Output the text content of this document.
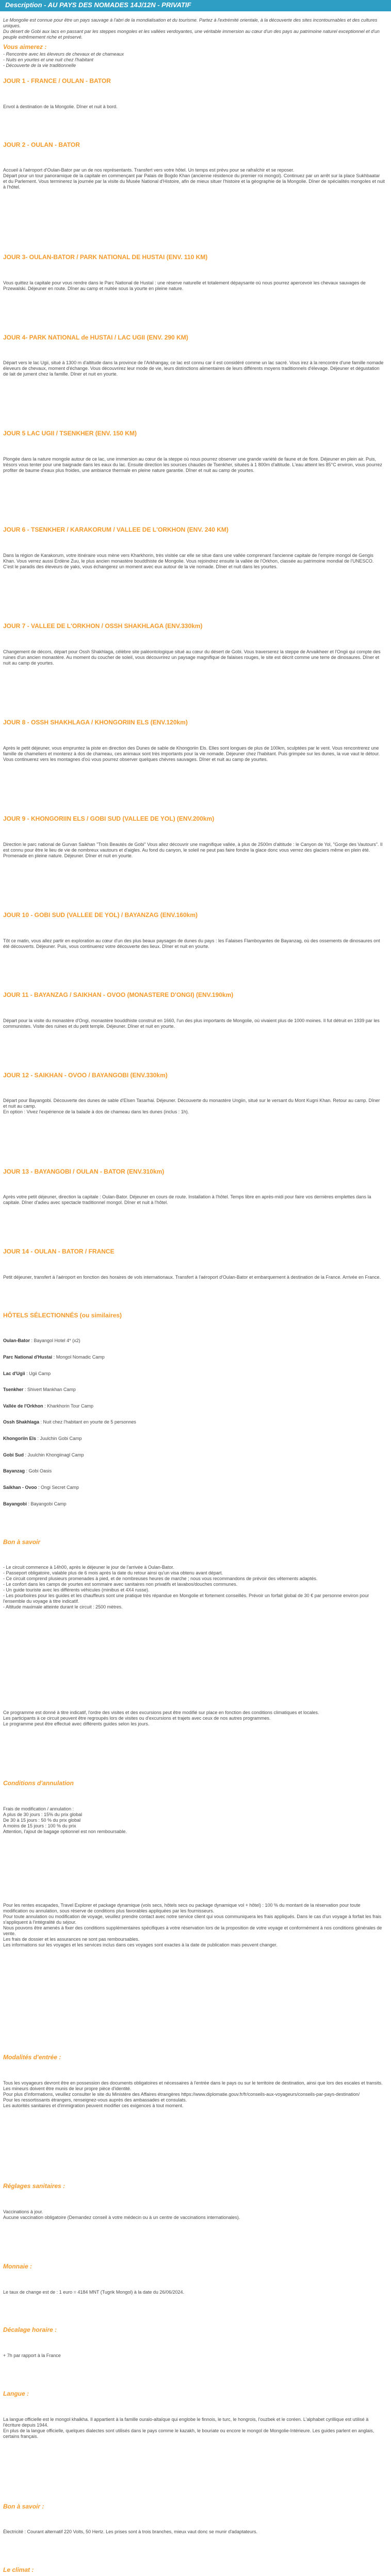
Description - AU PAYS DES NOMADES 14J/12N - PRIVATIF
Le Mongolie est connue pour être un pays sauvage à l'abri de la mondialisation et du tourisme. Partez à l'extrémité orientale, à la découverte des sites incontournables et des cultures uniques.
Du désert de Gobi aux lacs en passant par les steppes mongoles et les vallées verdoyantes, une véritable immersion au cœur d'un des pays au patrimoine naturel exceptionnel et d'un peuple extrêmement riche et préservé.
Vous aimerez :
- Rencontre avec les éleveurs de chevaux et de chameaux
- Nuits en yourtes et une nuit chez l'habitant
- Découverte de la vie traditionnelle
JOUR 1 - FRANCE / OULAN - BATOR
Envol à destination de la Mongolie. Dîner et nuit à bord.
JOUR 2 - OULAN - BATOR
Accueil à l'aéroport d'Oulan-Bator par un de nos représentants. Transfert vers votre hôtel. Un temps est prévu pour se rafraîchir et se reposer.
Départ pour un tour panoramique de la capitale en commençant par Palais de Bogdo Khan (ancienne résidence du premier roi mongol). Continuez par un arrêt sur la place Sukhbaatar et du Parlement. Vous terminerez la journée par la visite du Musée National d'Histoire, afin de mieux situer l'histoire et la géographie de la Mongolie. Dîner de spécialités mongoles et nuit à l'hôtel.
JOUR 3- OULAN-BATOR / PARK NATIONAL DE HUSTAI (ENV. 110 KM)
Vous quittez la capitale pour vous rendre dans le Parc National de Hustaï : une réserve naturelle et totalement dépaysante où nous pourrez apercevoir les chevaux sauvages de Przewalski. Déjeuner en route. Dîner au camp et nuitée sous la yourte en pleine nature.
JOUR 4- PARK NATIONAL de HUSTAI / LAC UGII (ENV. 290 KM)
Départ vers le lac Ugii, situé à 1300 m d'altitude dans la province de l'Arkhangay, ce lac est connu car il est considéré comme un lac sacré. Vous irez à la rencontre d'une famille nomade éleveurs de chevaux, moment d'échange. Vous découvrirez leur mode de vie, leurs distinctions alimentaires de leurs différents moyens traditionnels d'élevage. Déjeuner et dégustation de lait de jument chez la famille. Dîner et nuit en yourte.
JOUR 5 LAC UGII / TSENKHER (ENV. 150 KM)
Plongée dans la nature mongole autour de ce lac, une immersion au cœur de la steppe où nous pourrez observer une grande variété de faune et de flore. Déjeuner en plein air. Puis, trésors vous tenter pour une baignade dans les eaux du lac. Ensuite direction les sources chaudes de Tsenkher, situées à 1 800m d'altitude. L'eau atteint les 85°C environ, vous pourrez profiter de baume d'eaux plus froides, une ambiance thermale en pleine nature garantie. Dîner et nuit au camp de yourtes.
JOUR 6 - TSENKHER / KARAKORUM / VALLEE DE L'ORKHON (ENV. 240 KM)
Dans la région de Karakorum, votre itinéraire vous mène vers Kharkhorin, très visitée car elle se situe dans une vallée comprenant l'ancienne capitale de l'empire mongol de Gengis Khan. Vous verrez aussi Erdène Zuu, le plus ancien monastère bouddhiste de Mongolie. Vous rejoindrez ensuite la vallée de l'Orkhon, classée au patrimoine mondial de l'UNESCO. C'est le paradis des éleveurs de yaks, vous échangerez un moment avec eux autour de la vie nomade. Dîner et nuit dans les yourtes.
JOUR 7 - VALLEE DE L'ORKHON / OSSH SHAKHLAGA (ENV.330km)
Changement de décors, départ pour Ossh Shakhlaga, célèbre site paléontologique situé au cœur du désert de Gobi. Vous traverserez la steppe de Arvaikheer et l'Ongii qui compte des ruines d'un ancien monastère. Au moment du coucher de soleil, vous découvrirez un paysage magnifique de falaises rouges, le site est décrit comme une terre de dinosaures. Dîner et nuit au camp de yourtes.
JOUR 8 - OSSH SHAKHLAGA / KHONGORIIN ELS (ENV.120km)
Après le petit déjeuner, vous empruntez la piste en direction des Dunes de sable de Khongoriin Els. Elles sont longues de plus de 100km, sculptées par le vent. Vous rencontrerez une famille de chameliers et monterez à dos de chameau, ces animaux sont très importants pour la vie nomade. Déjeuner chez l'habitant. Puis grimpée sur les dunes, la vue vaut le détour. Vous continuerez vers les montagnes d'où vous pourrez observer quelques chèvres sauvages. Dîner et nuit au camp de yourtes.
JOUR 9 - KHONGORIIN ELS / GOBI SUD (VALLEE DE YOL) (ENV.200km)
Direction le parc national de Gurvan Saikhan "Trois Beautés de Gobi" Vous allez découvrir une magnifique vallée, à plus de 2500m d'altitude : le Canyon de Yol, "Gorge des Vautours". Il est connu pour être le lieu de vie de nombreux vautours et d'aigles. Au fond du canyon, le soleil ne peut pas faire fondre la glace donc vous verrez des glaciers même en plein été. Promenade en pleine nature. Déjeuner. Dîner et nuit en yourte.
JOUR 10 - GOBI SUD (VALLEE DE YOL) / BAYANZAG (ENV.160km)
Tôt ce matin, vous allez partir en exploration au cœur d'un des plus beaux paysages de dunes du pays : les Falaises Flamboyantes de Bayanzag, où des ossements de dinosaures ont été découverts. Déjeuner. Puis, vous continuerez votre découverte des lieux. Dîner et nuit en yourte.
JOUR 11 - BAYANZAG / SAIKHAN - OVOO (MONASTERE D'ONGI) (ENV.190km)
Départ pour la visite du monastère d'Ongi, monastère bouddhiste construit en 1660, l'un des plus importants de Mongolie, où vivaient plus de 1000 moines. Il fut détruit en 1939 par les communistes. Visite des ruines et du petit temple. Déjeuner. Dîner et nuit en yourte.
JOUR 12 - SAIKHAN - OVOO / BAYANGOBI (ENV.330km)
Départ pour Bayangobi. Découverte des dunes de sable d'Elsen Tasarhai. Déjeuner. Découverte du monastère Ungiin, situé sur le versant du Mont Kugni Khan. Retour au camp. Dîner et nuit au camp.
En option : Vivez l'expérience de la balade à dos de chameau dans les dunes (inclus : 1h).
JOUR 13 - BAYANGOBI / OULAN - BATOR (ENV.310km)
Après votre petit déjeuner, direction la capitale : Oulan-Bator. Déjeuner en cours de route. Installation à l'hôtel. Temps libre en après-midi pour faire vos dernières emplettes dans la capitale. Dîner d'adieu avec spectacle traditionnel mongol. Dîner et nuit à l'hôtel.
JOUR 14 - OULAN - BATOR / FRANCE
Petit déjeuner, transfert à l'aéroport en fonction des horaires de vols internationaux. Transfert à l'aéroport d'Oulan-Bator et embarquement à destination de la France. Arrivée en France.
HÔTELS SÉLECTIONNÉS (ou similaires)
Oulan-Bator : Bayangol Hotel 4* (x2)
Parc National d'Hustai : Mongol Nomadic Camp
Lac d'Ugii : Ugii Camp
Tsenkher : Shivert Mankhan Camp
Vallée de l'Orkhon : Kharkhorin Tour Camp
Ossh Shakhlaga : Nuit chez l'habitant en yourte de 5 personnes
Khongoriin Els : Juulchin Gobi Camp
Gobi Sud : Juulchin Khongiinagl Camp
Bayanzag : Gobi Oasis
Saikhan - Ovoo : Ongi Secret Camp
Bayangobi : Bayangobi Camp
Bon à savoir
- Le circuit commence à 14h00, après le déjeuner le jour de l'arrivée à Oulan-Bator.
- Passeport obligatoire, valable plus de 6 mois après la date du retour ainsi qu'un visa obtenu avant départ.
- Ce circuit comprend plusieurs promenades à pied, et de nombreuses heures de marche ; nous vous recommandons de prévoir des vêtements adaptés.
- Le confort dans les camps de yourtes est sommaire avec sanitaires non privatifs et lavabos/douches communes.
- Un guide touriste avec les différents véhicules (minibus et 4X4 russe).
- Les pourboires pour les guides et les chauffeurs sont une pratique très répandue en Mongolie et fortement conseillés. Prévoir un forfait global de 30 € par personne environ pour l'ensemble du voyage à titre indicatif.
- Altitude maximale atteinte durant le circuit : 2500 mètres.
Ce programme est donné à titre indicatif, l'ordre des visites et des excursions peut être modifié sur place en fonction des conditions climatiques et locales.
Les participants à ce circuit peuvent être regroupés lors de visites ou d'excursions et trajets avec ceux de nos autres programmes.
Le programme peut être effectué avec différents guides selon les jours.
Conditions d'annulation
Frais de modification / annulation :
A plus de 30 jours : 15% du prix global
De 30 à 15 jours : 50 % du prix global
A moins de 15 jours : 100 % du prix
Attention, l'ajout de bagage optionnel est non remboursable.
Pour les rentes escapades, Travel Explorer et package dynamique (vols secs, hôtels secs ou package dynamique vol + hôtel) : 100 % du montant de la réservation pour toute modification ou annulation, sous réserve de conditions plus favorables appliquées par les fournisseurs.
Pour toute annulation ou modification de voyage, veuillez prendre contact avec notre service client qui vous communiquera les frais appliqués. Dans le cas d'un voyage à forfait les frais s'appliquent à l'intégralité du séjour.
Nous pouvons être amenés à fixer des conditions supplémentaires spécifiques à votre réservation lors de la proposition de votre voyage et conformément à nos conditions générales de vente.
Les frais de dossier et les assurances ne sont pas remboursables.
Les informations sur les voyages et les services inclus dans ces voyages sont exactes à la date de publication mais peuvent changer.
Modalités d'entrée :
Tous les voyageurs devront être en possession des documents obligatoires et nécessaires à l'entrée dans le pays ou sur le territoire de destination, ainsi que lors des escales et transits. Les mineurs doivent être munis de leur propre pièce d'identité.
Pour plus d'informations, veuillez consulter le site du Ministère des Affaires étrangères https://www.diplomatie.gouv.fr/fr/conseils-aux-voyageurs/conseils-par-pays-destination/
Pour les ressortissants étrangers, renseignez-vous auprès des ambassades et consulats.
Les autorités sanitaires et d'immigration peuvent modifier ces exigences à tout moment.
Réglages sanitaires :
Vaccinations à jour.
Aucune vaccination obligatoire (Demandez conseil à votre médecin ou à un centre de vaccinations internationales).
Monnaie :
Le taux de change est de : 1 euro = 4184 MNT (Tugrik Mongol) à la date du 26/06/2024.
Décalage horaire :
+ 7h par rapport à la France
Langue :
La langue officielle est le mongol khalkha. Il appartient à la famille ouralo-altaïque qui englobe le finnois, le turc, le hongrois, l'ouzbek et le coréen. L'alphabet cyrillique est utilisé à l'écriture depuis 1944.
En plus de la langue officielle, quelques dialectes sont utilisés dans le pays comme le kazakh, le bouriate ou encore le mongol de Mongolie-Intérieure. Les guides parlent en anglais, certains français.
Bon à savoir :
Électricité : Courant alternatif 220 Volts, 50 Hertz. Les prises sont à trois branches, mieux vaut donc se munir d'adaptateurs.
Le climat :
